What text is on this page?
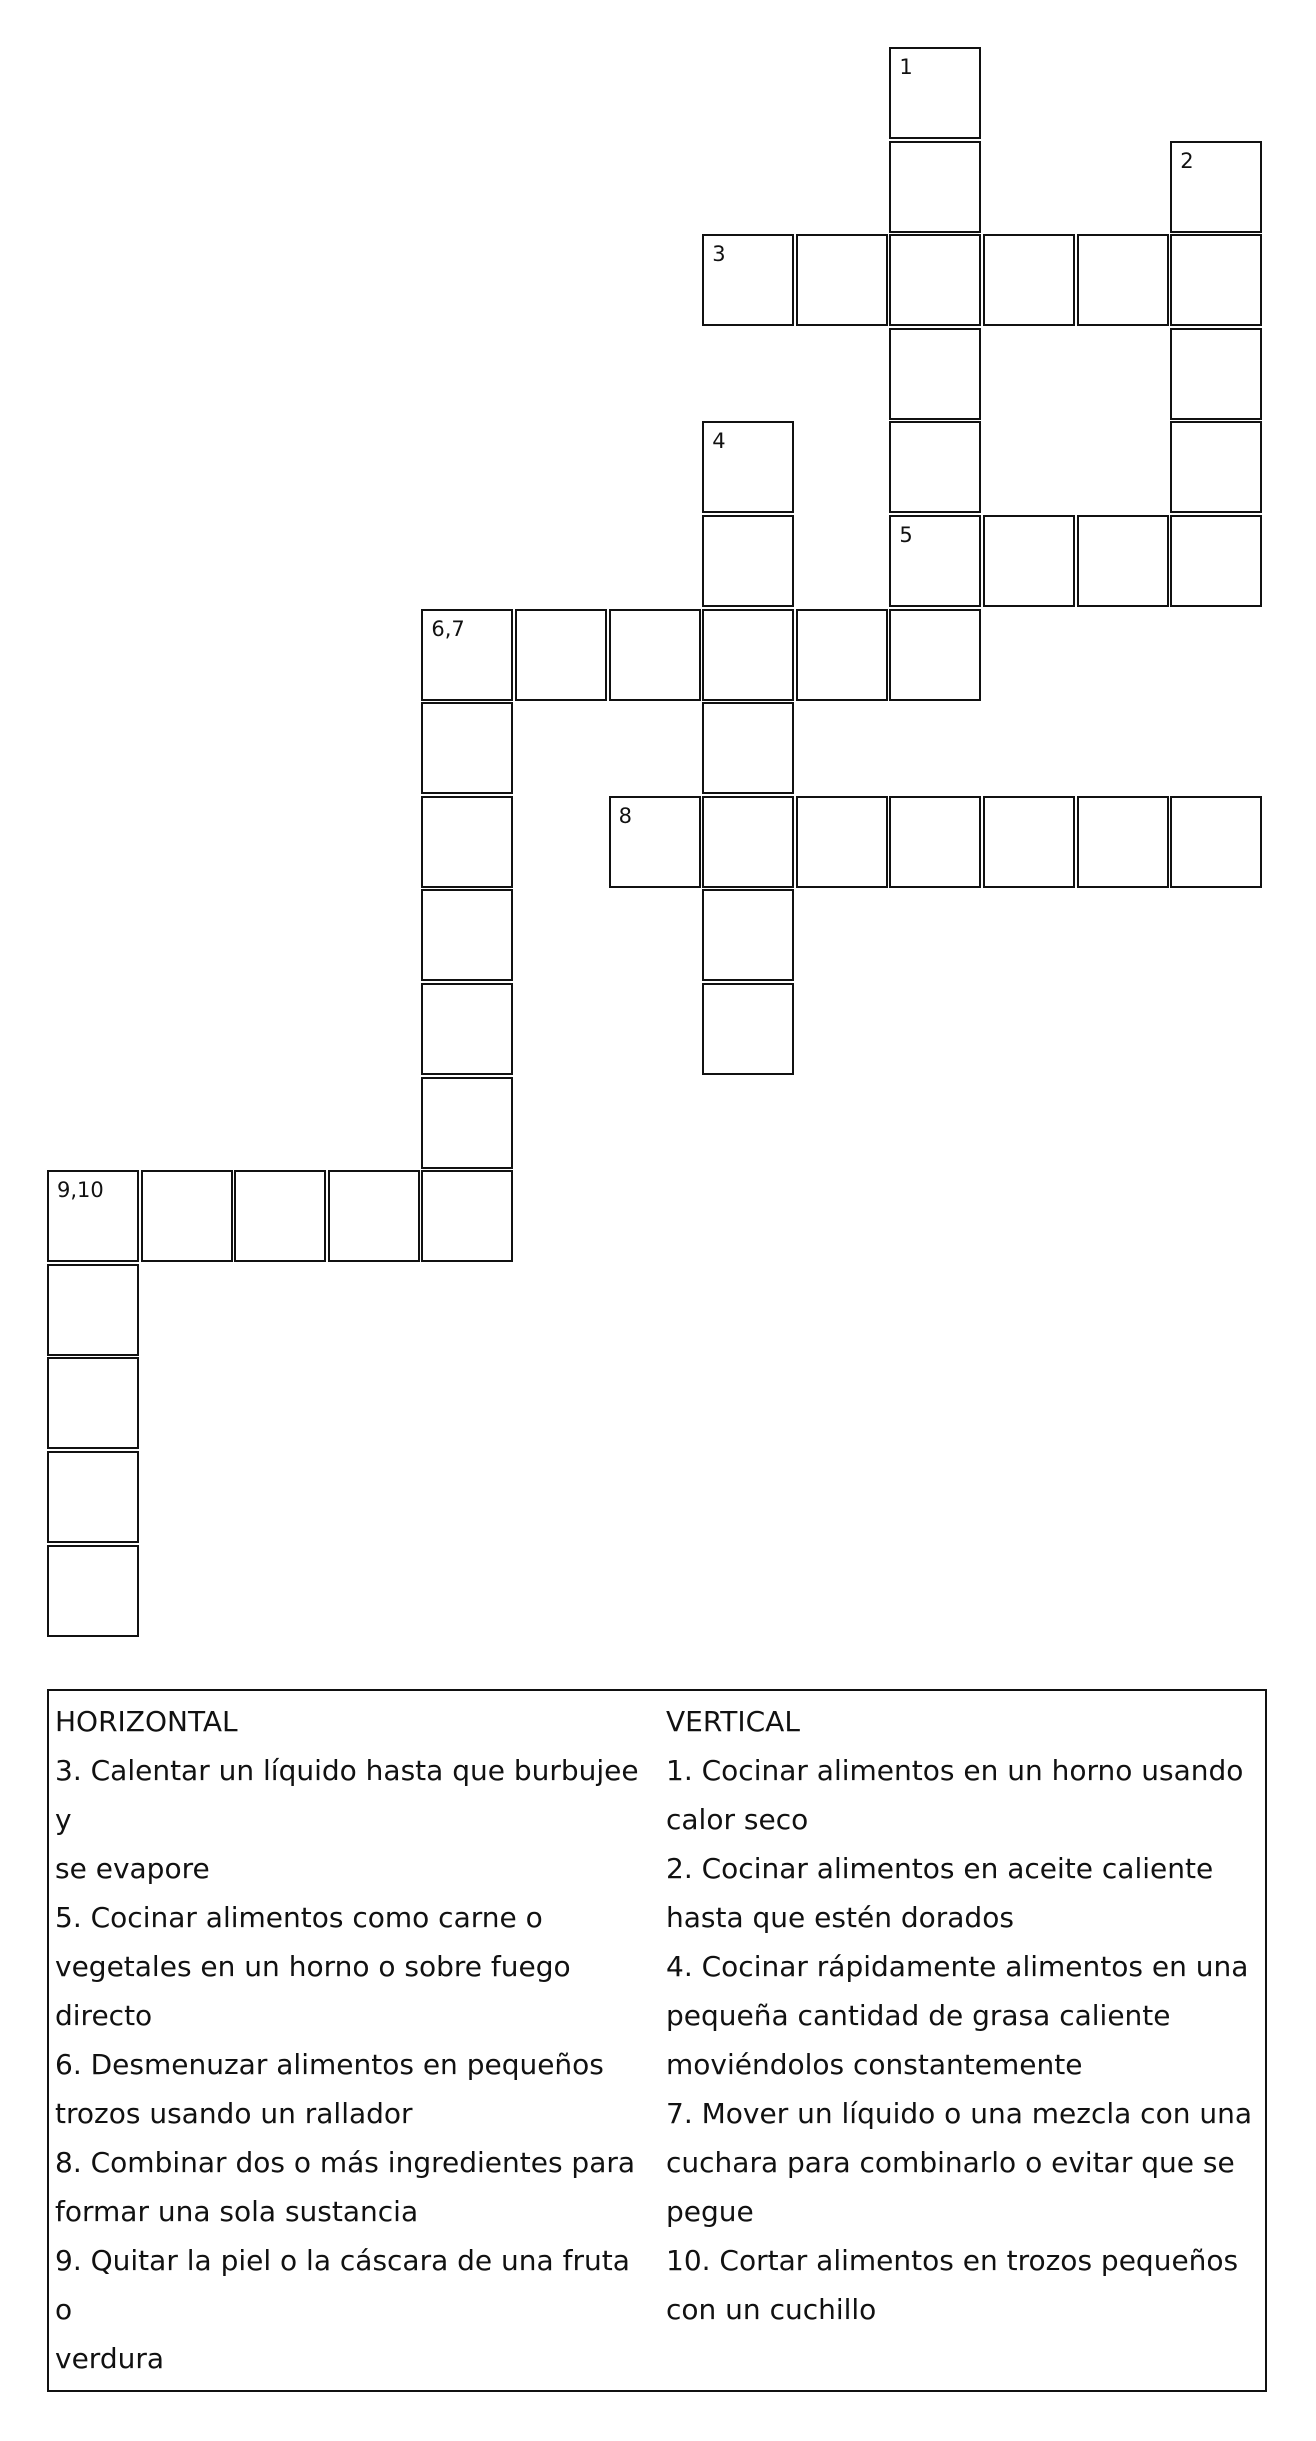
1
2
3
4
5
6,7
8
9,10
HORIZONTAL
3. Calentar un líquido hasta que burbujee y
se evapore
5. Cocinar alimentos como carne o
vegetales en un horno o sobre fuego directo
6. Desmenuzar alimentos en pequeños
trozos usando un rallador
8. Combinar dos o más ingredientes para
formar una sola sustancia
9. Quitar la piel o la cáscara de una fruta o
verdura
VERTICAL
1. Cocinar alimentos en un horno usando
calor seco
2. Cocinar alimentos en aceite caliente
hasta que estén dorados
4. Cocinar rápidamente alimentos en una
pequeña cantidad de grasa caliente
moviéndolos constantemente
7. Mover un líquido o una mezcla con una
cuchara para combinarlo o evitar que se
pegue
10. Cortar alimentos en trozos pequeños
con un cuchillo
